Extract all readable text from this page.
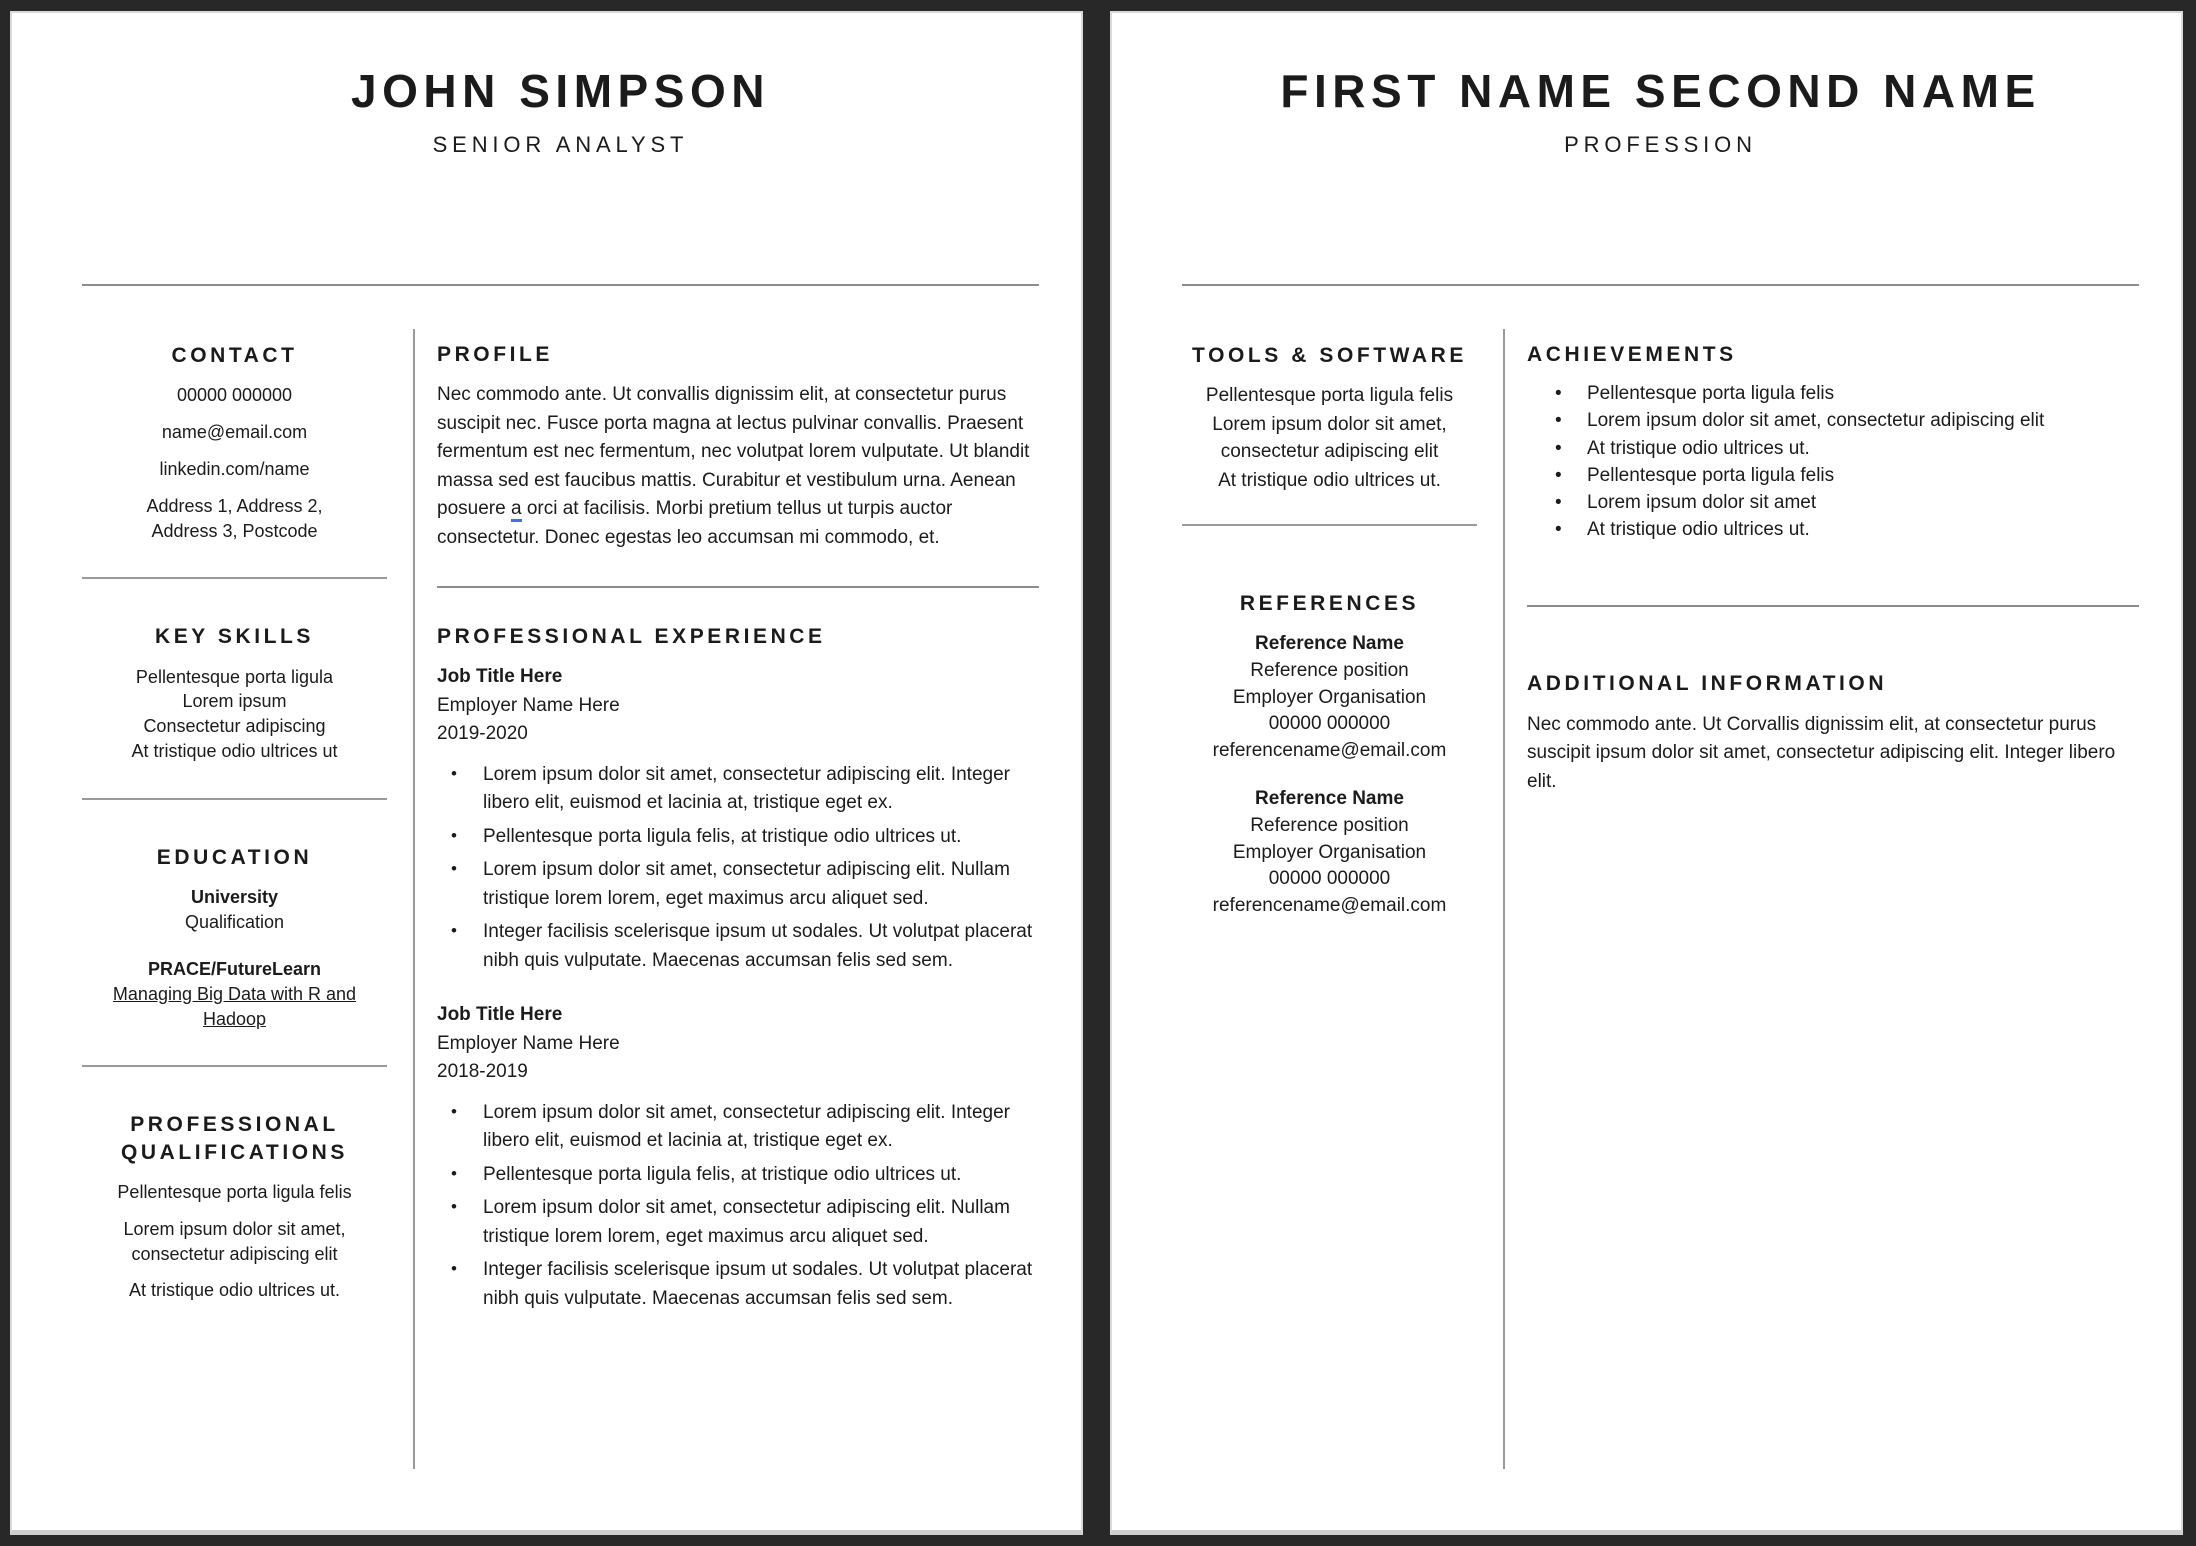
JOHN SIMPSON
SENIOR ANALYST
CONTACT

00000 000000

name@email.com

linkedin.com/name

Address 1, Address 2,

Address 3, Postcode

KEY SKILLS

Pellentesque porta ligula

Lorem ipsum

Consectetur adipiscing

At tristique odio ultrices ut

EDUCATION

University

Qualification

PRACE/FutureLearn

Managing Big Data with R and Hadoop

PROFESSIONAL QUALIFICATIONS

Pellentesque porta ligula felis

Lorem ipsum dolor sit amet, consectetur adipiscing elit

At tristique odio ultrices ut.

PROFILE

Nec commodo ante. Ut convallis dignissim elit, at consectetur purus suscipit nec. Fusce porta magna at lectus pulvinar convallis. Praesent fermentum est nec fermentum, nec volutpat lorem vulputate. Ut blandit massa sed est faucibus mattis. Curabitur et vestibulum urna. Aenean posuere a orci at facilisis. Morbi pretium tellus ut turpis auctor consectetur. Donec egestas leo accumsan mi commodo, et.

PROFESSIONAL EXPERIENCE
Job Title Here
Employer Name Here
2019-2020
• Lorem ipsum dolor sit amet, consectetur adipiscing elit. Integer libero elit, euismod et lacinia at, tristique eget ex.
• Pellentesque porta ligula felis, at tristique odio ultrices ut.
• Lorem ipsum dolor sit amet, consectetur adipiscing elit. Nullam tristique lorem lorem, eget maximus arcu aliquet sed.
• Integer facilisis scelerisque ipsum ut sodales. Ut volutpat placerat nibh quis vulputate. Maecenas accumsan felis sed sem.
Job Title Here
Employer Name Here
2018-2019
• Lorem ipsum dolor sit amet, consectetur adipiscing elit. Integer libero elit, euismod et lacinia at, tristique eget ex.
• Pellentesque porta ligula felis, at tristique odio ultrices ut.
• Lorem ipsum dolor sit amet, consectetur adipiscing elit. Nullam tristique lorem lorem, eget maximus arcu aliquet sed.
• Integer facilisis scelerisque ipsum ut sodales. Ut volutpat placerat nibh quis vulputate. Maecenas accumsan felis sed sem.
FIRST NAME SECOND NAME
PROFESSION
TOOLS & SOFTWARE

Pellentesque porta ligula felis

Lorem ipsum dolor sit amet, consectetur adipiscing elit

At tristique odio ultrices ut.

REFERENCES

Reference Name

Reference position

Employer Organisation

00000 000000

referencename@email.com

Reference Name

Reference position

Employer Organisation

00000 000000

referencename@email.com

ACHIEVEMENTS
• Pellentesque porta ligula felis
• Lorem ipsum dolor sit amet, consectetur adipiscing elit
• At tristique odio ultrices ut.
• Pellentesque porta ligula felis
• Lorem ipsum dolor sit amet
• At tristique odio ultrices ut.
ADDITIONAL INFORMATION

Nec commodo ante. Ut Corvallis dignissim elit, at consectetur purus suscipit ipsum dolor sit amet, consectetur adipiscing elit. Integer libero elit.
